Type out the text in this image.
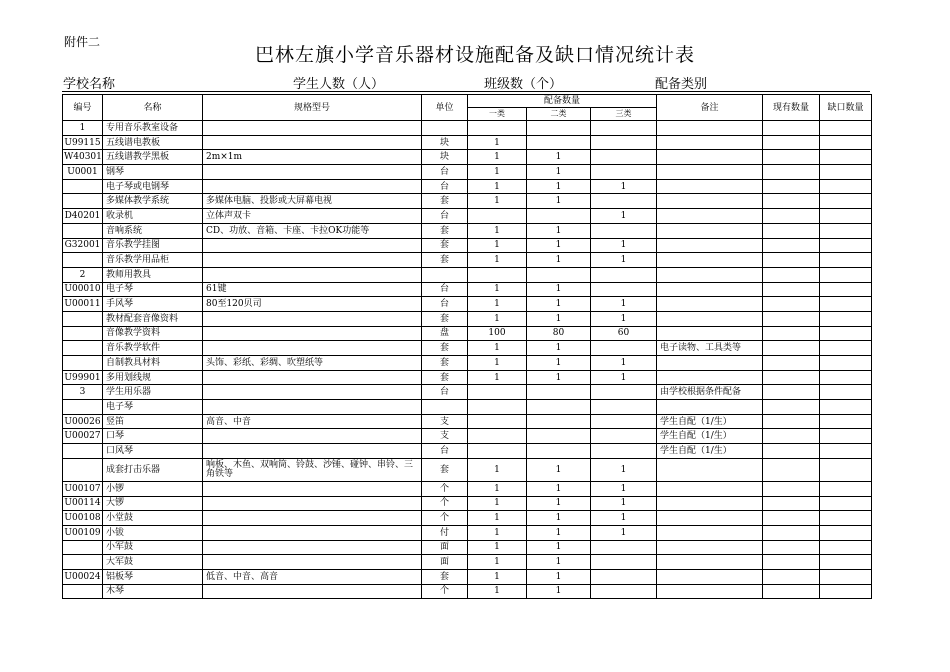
附件二
巴林左旗小学音乐器材设施配备及缺口情况统计表
学校名称	学生人数（人）	班级数（个）	配备类别
编号	名称	规格型号	单位	配备数量			备注	现有数量	缺口数量
				一类	二类	三类			
1	专用音乐教室设备								
U99115	五线谱电教板		块	1					
W40301	五线谱教学黑板	2m×1m	块	1	1				
U0001	钢琴		台	1	1				
	电子琴或电钢琴		台	1	1	1			
	多媒体教学系统	多媒体电脑、投影或大屏幕电视	套	1	1				
D40201	收录机	立体声双卡	台			1			
	音响系统	CD、功放、音箱、卡座、卡拉OK功能等	套	1	1				
G32001	音乐教学挂图		套	1	1	1			
	音乐教学用品柜		套	1	1	1			
2	教师用教具								
U00010	电子琴	61键	台	1	1				
U00011	手风琴	80至120贝司	台	1	1	1			
	教材配套音像资料		套	1	1	1			
	音像教学资料		盘	100	80	60			
	音乐教学软件		套	1	1		电子读物、工具类等		
	自制教具材料	头饰、彩纸、彩绸、吹塑纸等	套	1	1	1			
U99901	多用划线规		套	1	1	1			
3	学生用乐器		台				由学校根据条件配备		
	电子琴								
U00026	竖笛	高音、中音	支				学生自配（1/生）		
U00027	口琴		支				学生自配（1/生）		
	口风琴		台				学生自配（1/生）		
	成套打击乐器	响板、木鱼、双响筒、铃鼓、沙锤、碰钟、串铃、三角铁等	套	1	1	1			
U00107	小锣		个	1	1	1			
U00114	大锣		个	1	1	1			
U00108	小堂鼓		个	1	1	1			
U00109	小钹		付	1	1	1			
	小军鼓		面	1	1				
	大军鼓		面	1	1				
U00024	铝板琴	低音、中音、高音	套	1	1				
	木琴		个	1	1				
